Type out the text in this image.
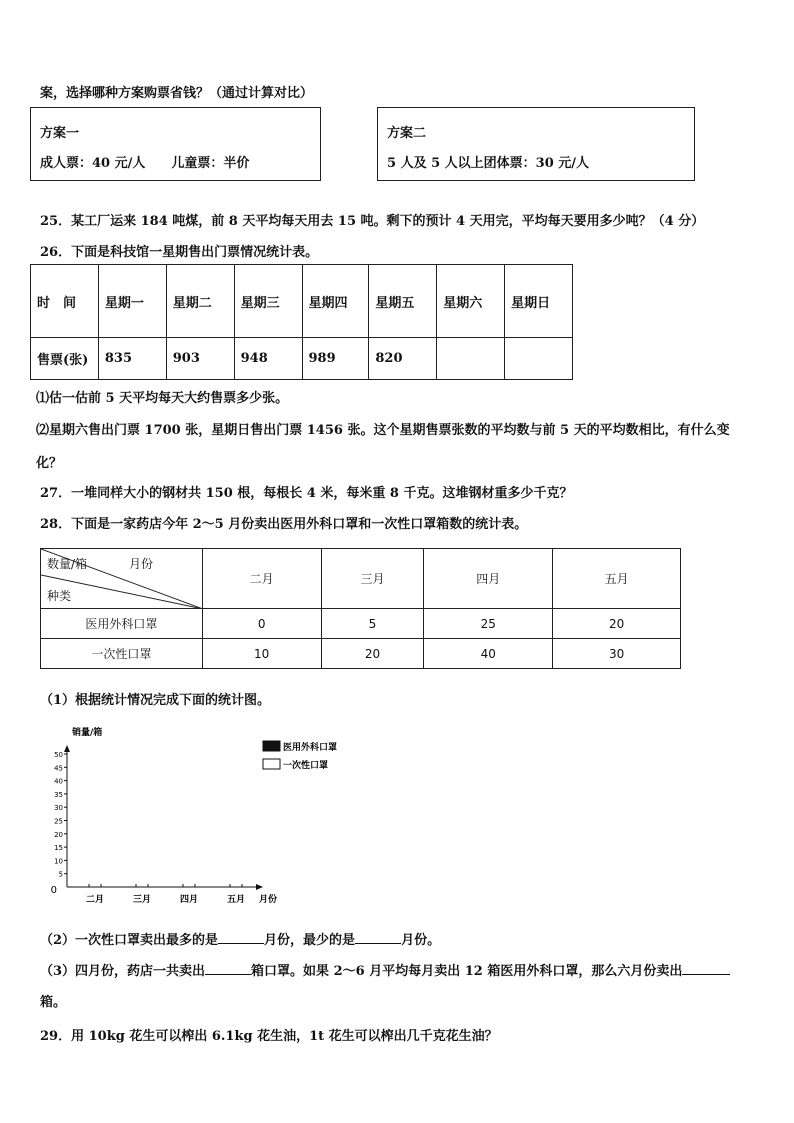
案，选择哪种方案购票省钱？（通过计算对比）
方案一
成人票：40 元/人　　儿童票：半价
方案二
5 人及 5 人以上团体票：30 元/人
25．某工厂运来 184 吨煤，前 8 天平均每天用去 15 吨。剩下的预计 4 天用完，平均每天要用多少吨？（4 分）
26．下面是科技馆一星期售出门票情况统计表。
时　间	星期一	星期二	星期三	星期四	星期五	星期六	星期日
售票(张)	835	903	948	989	820		
⑴估一估前 5 天平均每天大约售票多少张。
⑵星期六售出门票 1700 张，星期日售出门票 1456 张。这个星期售票张数的平均数与前 5 天的平均数相比，有什么变
化？
27．一堆同样大小的钢材共 150 根，每根长 4 米，每米重 8 千克。这堆钢材重多少千克？
28．下面是一家药店今年 2～5 月份卖出医用外科口罩和一次性口罩箱数的统计表。
数量/箱 月份
种类	二月	三月	四月	五月
医用外科口罩	0	5	25	20
一次性口罩	10	20	40	30
（1）根据统计情况完成下面的统计图。
0
5
10
15
20
25
30
35
40
45
50
二月	三月	四月	五月
销量/箱
月份
医用外科口罩
一次性口罩
（2）一次性口罩卖出最多的是	月份，最少的是	月份。
（3）四月份，药店一共卖出	箱口罩。如果 2～6 月平均每月卖出 12 箱医用外科口罩，那么六月份卖出
箱。
29．用 10kg 花生可以榨出 6.1kg 花生油，1t 花生可以榨出几千克花生油？
